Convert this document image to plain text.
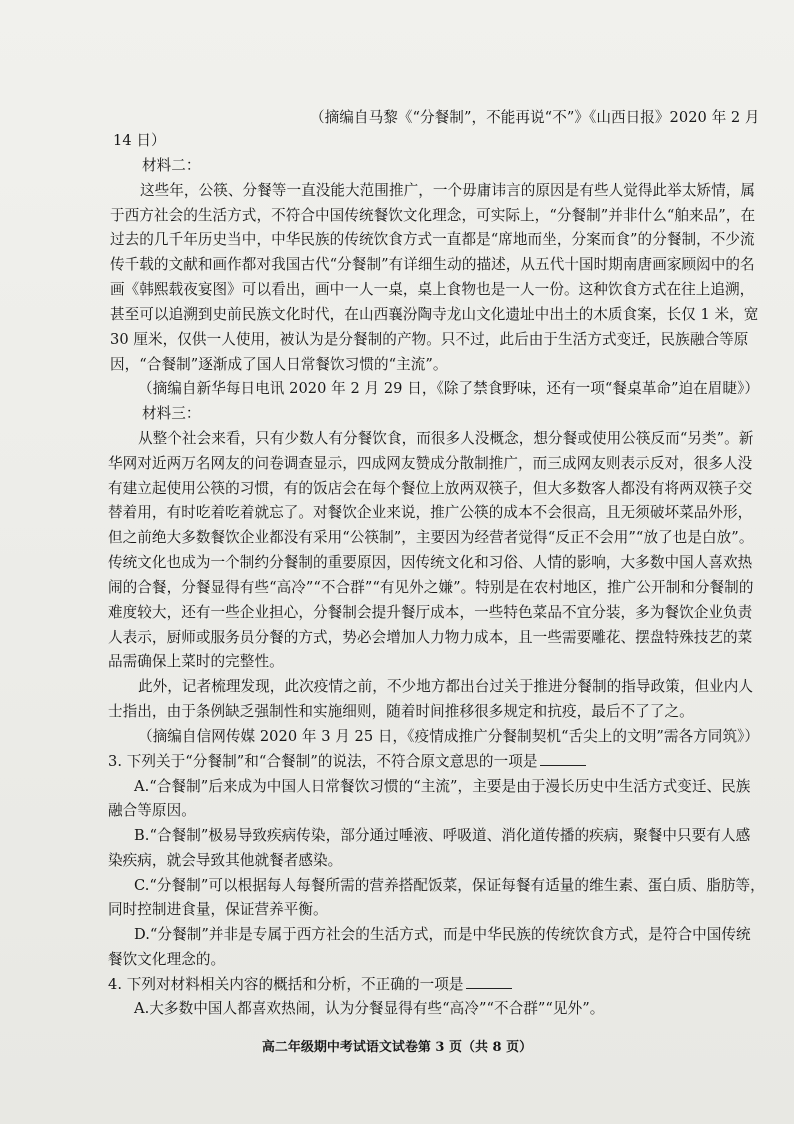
（摘编自马黎《“分餐制”，不能再说“不”》《山西日报》2020 年 2 月
14 日）
材料二：
这些年，公筷、分餐等一直没能大范围推广，一个毋庸讳言的原因是有些人觉得此举太矫情，属
于西方社会的生活方式，不符合中国传统餐饮文化理念，可实际上，“分餐制”并非什么“舶来品”，在
过去的几千年历史当中，中华民族的传统饮食方式一直都是“席地而坐，分案而食”的分餐制，不少流
传千载的文献和画作都对我国古代“分餐制”有详细生动的描述，从五代十国时期南唐画家顾闳中的名
画《韩熙载夜宴图》可以看出，画中一人一桌，桌上食物也是一人一份。这种饮食方式在往上追溯，
甚至可以追溯到史前民族文化时代，在山西襄汾陶寺龙山文化遗址中出土的木质食案，长仅 1 米，宽
30 厘米，仅供一人使用，被认为是分餐制的产物。只不过，此后由于生活方式变迁，民族融合等原
因，“合餐制”逐渐成了国人日常餐饮习惯的“主流”。
（摘编自新华每日电讯 2020 年 2 月 29 日，《除了禁食野味，还有一项“餐桌革命”迫在眉睫》）
材料三：
从整个社会来看，只有少数人有分餐饮食，而很多人没概念，想分餐或使用公筷反而“另类”。新
华网对近两万名网友的问卷调查显示，四成网友赞成分散制推广，而三成网友则表示反对，很多人没
有建立起使用公筷的习惯，有的饭店会在每个餐位上放两双筷子，但大多数客人都没有将两双筷子交
替着用，有时吃着吃着就忘了。对餐饮企业来说，推广公筷的成本不会很高，且无须破坏菜品外形，
但之前绝大多数餐饮企业都没有采用“公筷制”，主要因为经营者觉得“反正不会用”“放了也是白放”。
传统文化也成为一个制约分餐制的重要原因，因传统文化和习俗、人情的影响，大多数中国人喜欢热
闹的合餐，分餐显得有些“高冷”“不合群”“有见外之嫌”。特别是在农村地区，推广公开制和分餐制的
难度较大，还有一些企业担心，分餐制会提升餐厅成本，一些特色菜品不宜分装，多为餐饮企业负责
人表示，厨师或服务员分餐的方式，势必会增加人力物力成本，且一些需要雕花、摆盘特殊技艺的菜
品需确保上菜时的完整性。
此外，记者梳理发现，此次疫情之前，不少地方都出台过关于推进分餐制的指导政策，但业内人
士指出，由于条例缺乏强制性和实施细则，随着时间推移很多规定和抗疫，最后不了了之。
（摘编自信网传媒 2020 年 3 月 25 日，《疫情成推广分餐制契机“舌尖上的文明”需各方同筑》）
3. 下列关于“分餐制”和“合餐制”的说法，不符合原文意思的一项是
A.“合餐制”后来成为中国人日常餐饮习惯的“主流”，主要是由于漫长历史中生活方式变迁、民族
融合等原因。
B.“合餐制”极易导致疾病传染，部分通过唾液、呼吸道、消化道传播的疾病，聚餐中只要有人感
染疾病，就会导致其他就餐者感染。
C.“分餐制”可以根据每人每餐所需的营养搭配饭菜，保证每餐有适量的维生素、蛋白质、脂肪等，
同时控制进食量，保证营养平衡。
D.“分餐制”并非是专属于西方社会的生活方式，而是中华民族的传统饮食方式，是符合中国传统
餐饮文化理念的。
4. 下列对材料相关内容的概括和分析，不正确的一项是
A.大多数中国人都喜欢热闹，认为分餐显得有些“高冷”“不合群”“见外”。
高二年级期中考试语文试卷第 3 页（共 8 页）
